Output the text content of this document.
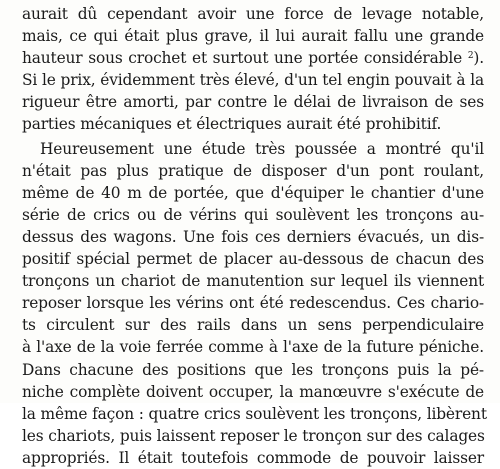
aurait dû cependant avoir une force de levage notable,
mais, ce qui était plus grave, il lui aurait fallu une grande
hauteur sous crochet et surtout une portée considérable $^2$).
Si le prix, évidemment très élevé, d'un tel engin pouvait à la
rigueur être amorti, par contre le délai de livraison de ses
parties mécaniques et électriques aurait été prohibitif.
Heureusement une étude très poussée a montré qu'il
n'était pas plus pratique de disposer d'un pont roulant,
même de 40 m de portée, que d'équiper le chantier d'une
série de crics ou de vérins qui soulèvent les tronçons au-
dessus des wagons. Une fois ces derniers évacués, un dis-
positif spécial permet de placer au-dessous de chacun des
tronçons un chariot de manutention sur lequel ils viennent
reposer lorsque les vérins ont été redescendus. Ces chario-
ts circulent sur des rails dans un sens perpendiculaire
à l'axe de la voie ferrée comme à l'axe de la future péniche.
Dans chacune des positions que les tronçons puis la pé-
niche complète doivent occuper, la manœuvre s'exécute de
la même façon : quatre crics soulèvent les tronçons, libèrent
les chariots, puis laissent reposer le tronçon sur des calages
appropriés. Il était toutefois commode de pouvoir laisser
